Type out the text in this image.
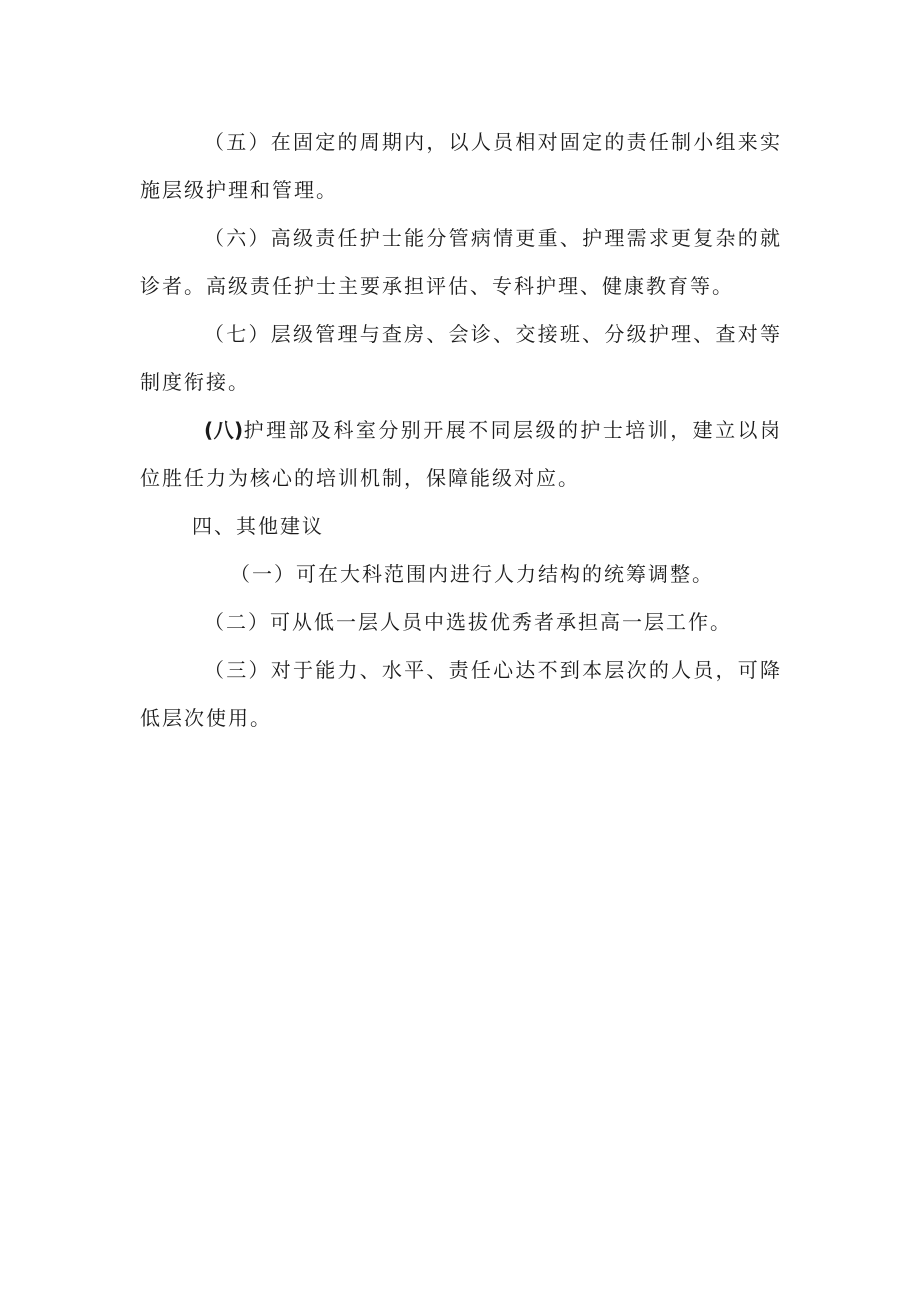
（五）在固定的周期内，以人员相对固定的责任制小组来实施层级护理和管理。

（六）高级责任护士能分管病情更重、护理需求更复杂的就诊者。高级责任护士主要承担评估、专科护理、健康教育等。

（七）层级管理与查房、会诊、交接班、分级护理、查对等制度衔接。

(八)护理部及科室分别开展不同层级的护士培训，建立以岗位胜任力为核心的培训机制，保障能级对应。

四、其他建议

（一）可在大科范围内进行人力结构的统筹调整。

（二）可从低一层人员中选拔优秀者承担高一层工作。

（三）对于能力、水平、责任心达不到本层次的人员，可降低层次使用。
